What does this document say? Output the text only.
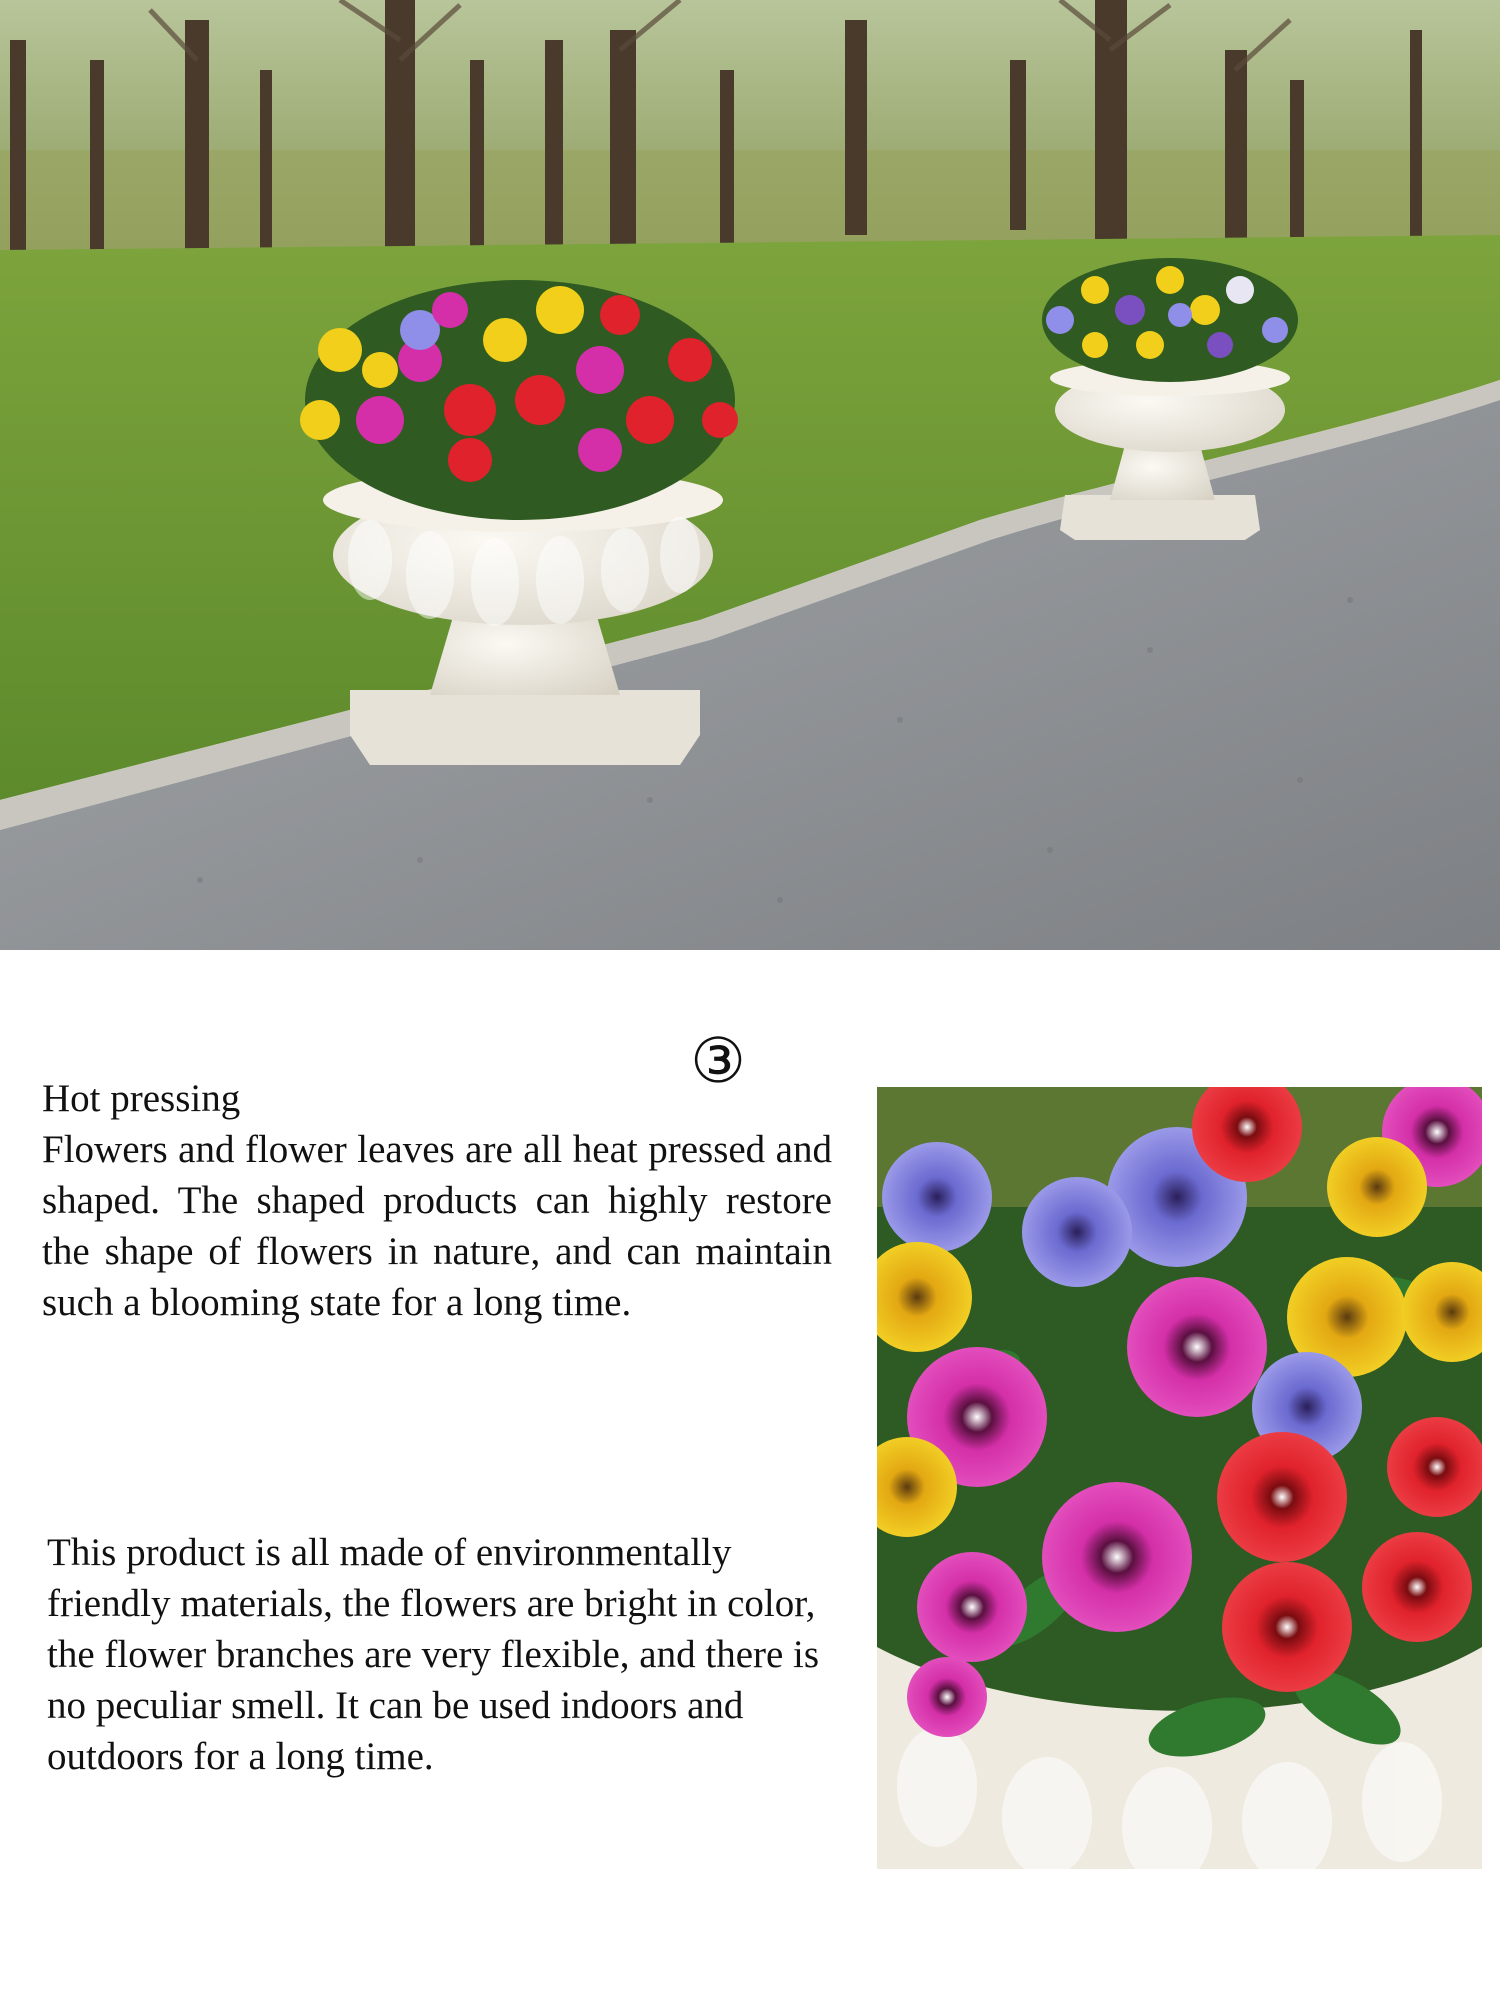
③
Hot pressing
Flowers and flower leaves are all heat pressed and shaped. The shaped products can highly restore the shape of flowers in nature, and can maintain such a blooming state for a long time.
This product is all made of environmentally friendly materials, the flowers are bright in color, the flower branches are very flexible, and there is no peculiar smell. It can be used indoors and outdoors for a long time.
